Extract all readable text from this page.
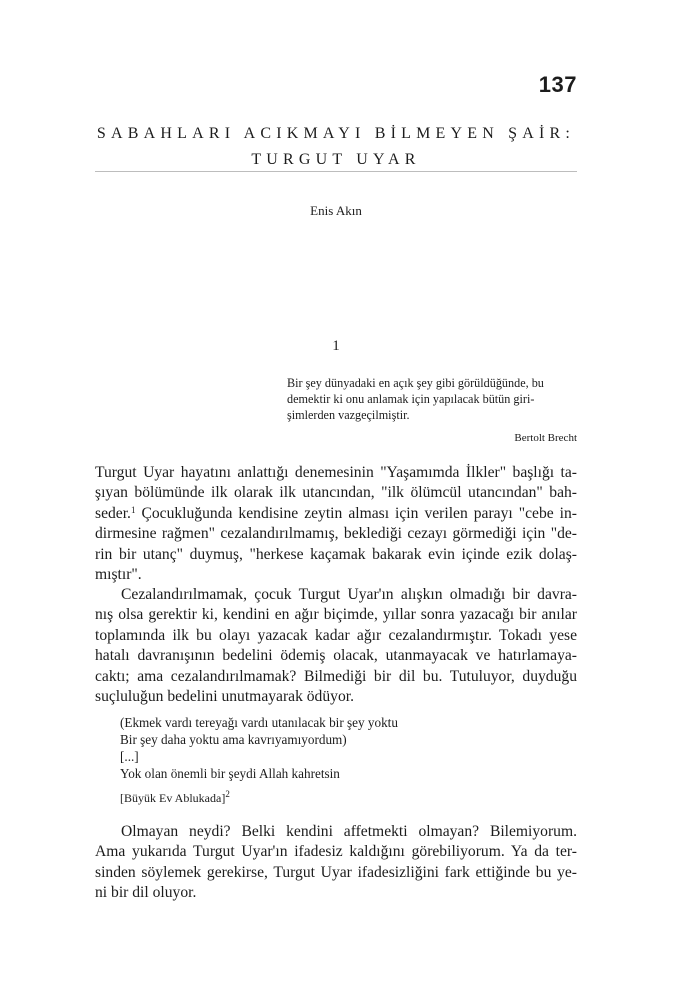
137
SABAHLARI ACIKMAYI BİLMEYEN ŞAİR:
TURGUT UYAR
Enis Akın
1
Bir şey dünyadaki en açık şey gibi görüldüğünde, bu
demektir ki onu anlamak için yapılacak bütün giri-
şimlerden vazgeçilmiştir.
Bertolt Brecht
Turgut Uyar hayatını anlattığı denemesinin "Yaşamımda İlkler" başlığı ta-
şıyan bölümünde ilk olarak ilk utancından, "ilk ölümcül utancından" bah-
seder.$^1$ Çocukluğunda kendisine zeytin alması için verilen parayı "cebe in-
dirmesine rağmen" cezalandırılmamış, beklediği cezayı görmediği için "de-
rin bir utanç" duymuş, "herkese kaçamak bakarak evin içinde ezik dolaş-
mıştır".
Cezalandırılmamak, çocuk Turgut Uyar'ın alışkın olmadığı bir davra-
nış olsa gerektir ki, kendini en ağır biçimde, yıllar sonra yazacağı bir anılar
toplamında ilk bu olayı yazacak kadar ağır cezalandırmıştır. Tokadı yese
hatalı davranışının bedelini ödemiş olacak, utanmayacak ve hatırlamaya-
caktı; ama cezalandırılmamak? Bilmediği bir dil bu. Tutuluyor, duyduğu
suçluluğun bedelini unutmayarak ödüyor.
(Ekmek vardı tereyağı vardı utanılacak bir şey yoktu
Bir şey daha yoktu ama kavrıyamıyordum)
[...]
Yok olan önemli bir şeydi Allah kahretsin
[Büyük Ev Ablukada]$^2$
Olmayan neydi? Belki kendini affetmekti olmayan? Bilemiyorum.
Ama yukarıda Turgut Uyar'ın ifadesiz kaldığını görebiliyorum. Ya da ter-
sinden söylemek gerekirse, Turgut Uyar ifadesizliğini fark ettiğinde bu ye-
ni bir dil oluyor.
